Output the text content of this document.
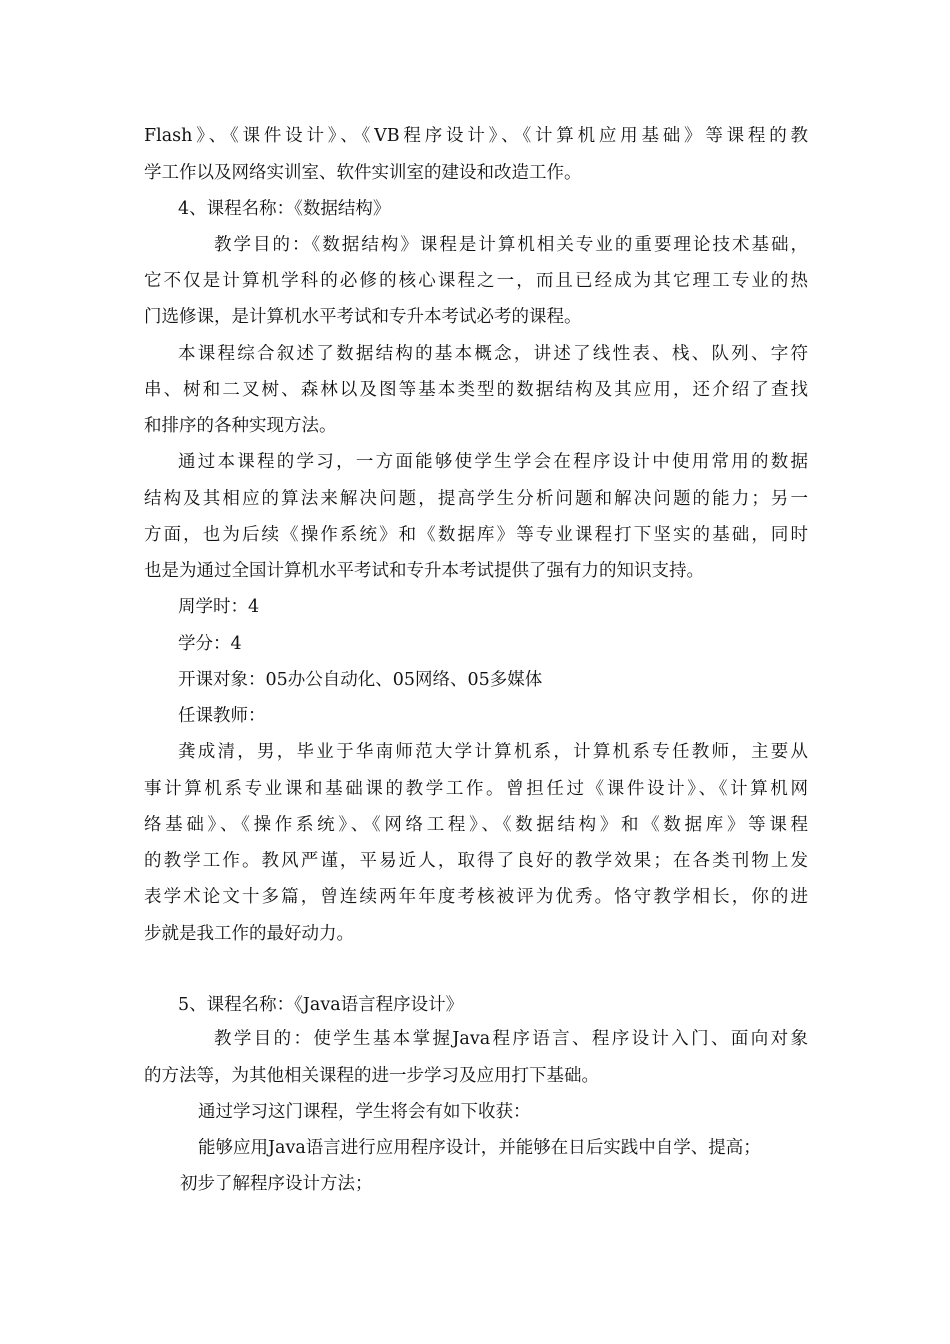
Flash》、《课件设计》、《VB程序设计》、《计算机应用基础》等课程的教
学工作以及网络实训室、软件实训室的建设和改造工作。
4、课程名称：《数据结构》
教学目的：《数据结构》课程是计算机相关专业的重要理论技术基础，
它不仅是计算机学科的必修的核心课程之一，而且已经成为其它理工专业的热
门选修课，是计算机水平考试和专升本考试必考的课程。
本课程综合叙述了数据结构的基本概念，讲述了线性表、栈、队列、字符
串、树和二叉树、森林以及图等基本类型的数据结构及其应用，还介绍了查找
和排序的各种实现方法。
通过本课程的学习，一方面能够使学生学会在程序设计中使用常用的数据
结构及其相应的算法来解决问题，提高学生分析问题和解决问题的能力；另一
方面，也为后续《操作系统》和《数据库》等专业课程打下坚实的基础，同时
也是为通过全国计算机水平考试和专升本考试提供了强有力的知识支持。
周学时：4
学分：4
开课对象：05办公自动化、05网络、05多媒体
任课教师：
龚成清，男，毕业于华南师范大学计算机系，计算机系专任教师，主要从
事计算机系专业课和基础课的教学工作。曾担任过《课件设计》、《计算机网
络基础》、《操作系统》、《网络工程》、《数据结构》和《数据库》等课程
的教学工作。教风严谨，平易近人，取得了良好的教学效果；在各类刊物上发
表学术论文十多篇，曾连续两年年度考核被评为优秀。恪守教学相长，你的进
步就是我工作的最好动力。
5、课程名称：《Java语言程序设计》
教学目的：使学生基本掌握Java程序语言、程序设计入门、面向对象
的方法等，为其他相关课程的进一步学习及应用打下基础。
通过学习这门课程，学生将会有如下收获：
能够应用Java语言进行应用程序设计，并能够在日后实践中自学、提高；
初步了解程序设计方法；
